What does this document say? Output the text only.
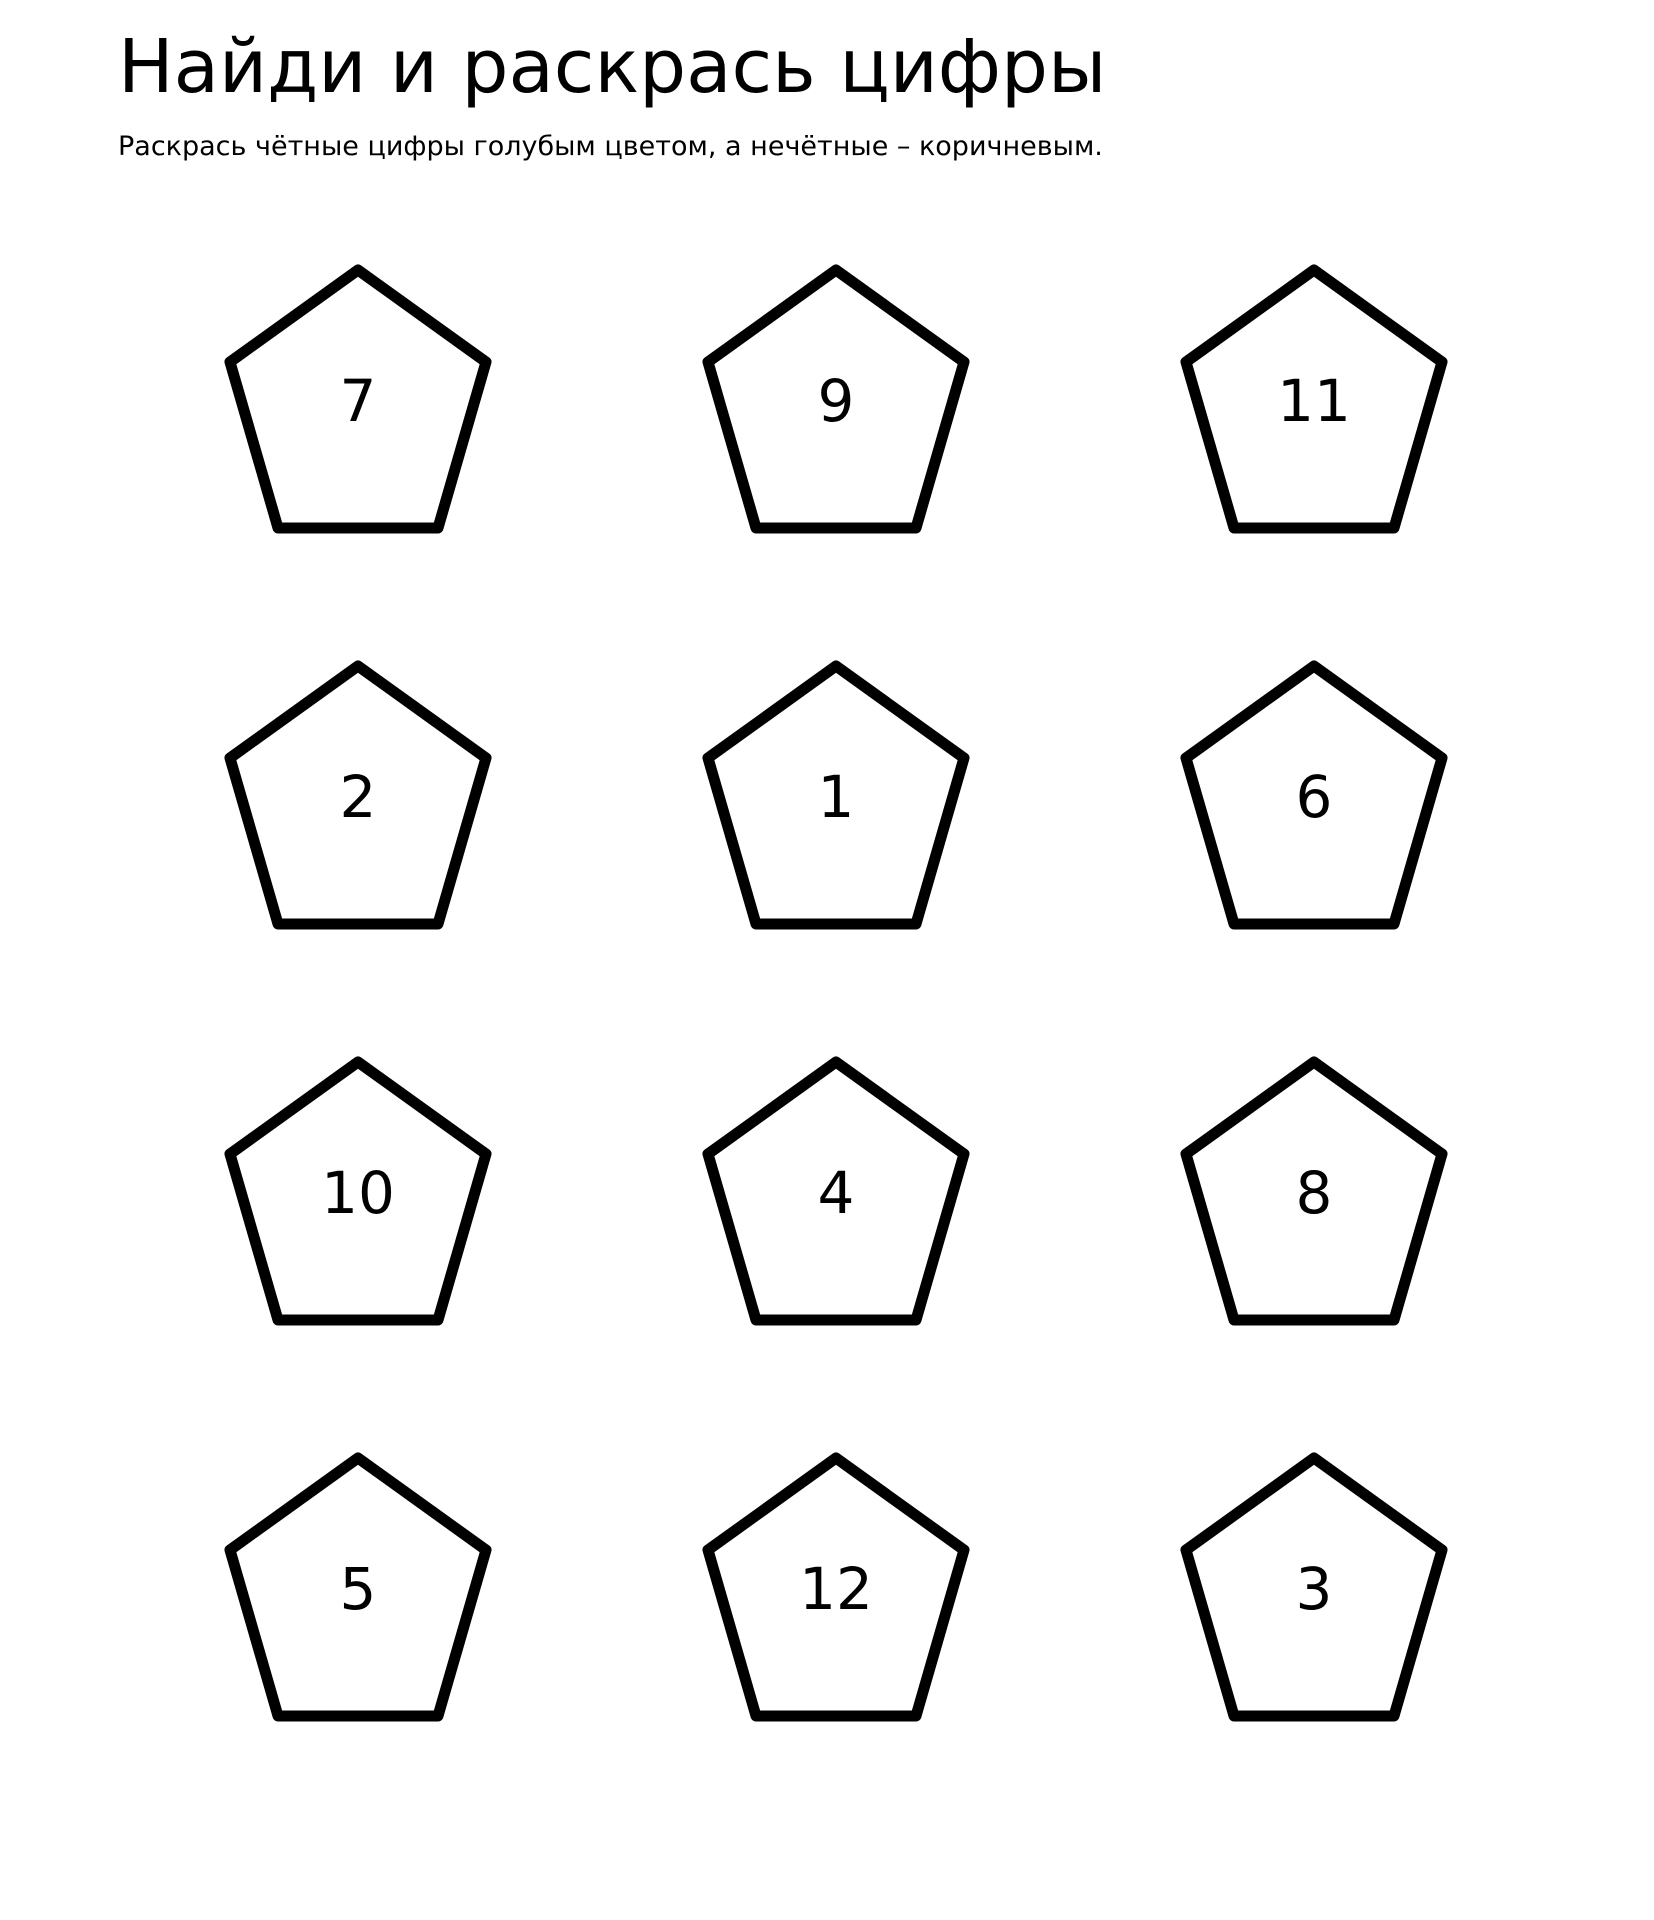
Найди и раскрась цифры

Раскрась чётные цифры голубым цветом, а нечётные – коричневым.

7	9	11
2	1	6
10	4	8
5	12	3
